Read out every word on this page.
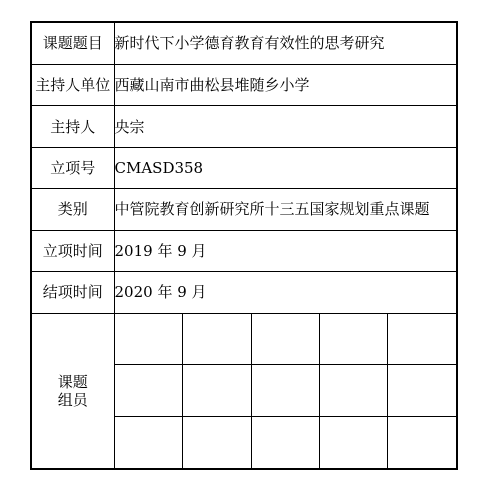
课题题目	新时代下小学德育教育有效性的思考研究
主持人单位	西藏山南市曲松县堆随乡小学
主持人	央宗
立项号	CMASD358
类别	中管院教育创新研究所十三五国家规划重点课题
立项时间	2019 年 9 月
结项时间	2020 年 9 月

课题
组员
